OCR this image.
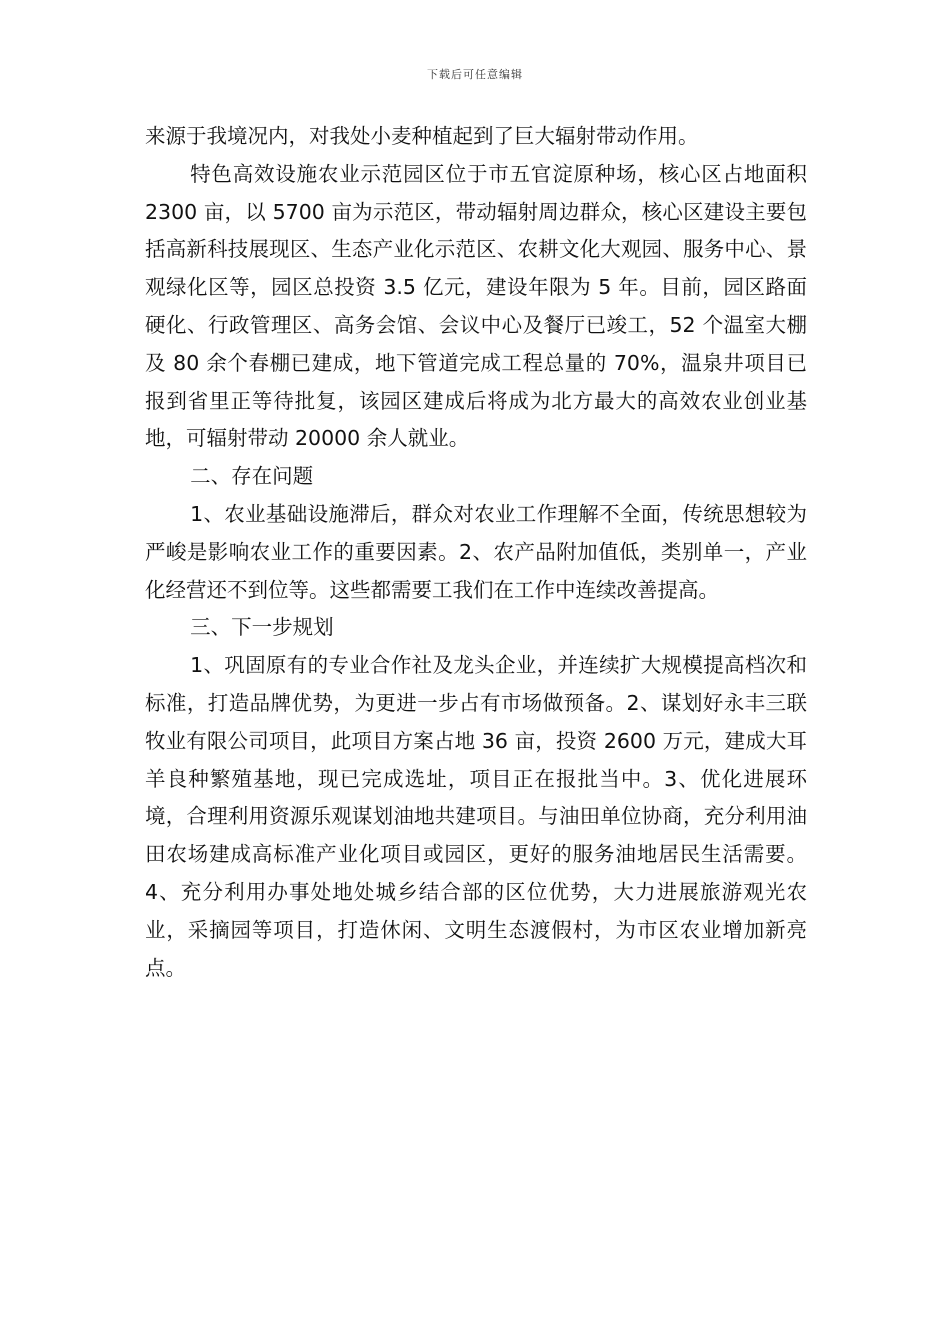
下载后可任意编辑

来源于我境况内，对我处小麦种植起到了巨大辐射带动作用。

特色高效设施农业示范园区位于市五官淀原种场，核心区占地面积 2300 亩，以 5700 亩为示范区，带动辐射周边群众，核心区建设主要包括高新科技展现区、生态产业化示范区、农耕文化大观园、服务中心、景观绿化区等，园区总投资 3.5 亿元，建设年限为 5 年。目前，园区路面硬化、行政管理区、高务会馆、会议中心及餐厅已竣工，52 个温室大棚及 80 余个春棚已建成，地下管道完成工程总量的 70%，温泉井项目已报到省里正等待批复，该园区建成后将成为北方最大的高效农业创业基地，可辐射带动 20000 余人就业。

二、存在问题

1、农业基础设施滞后，群众对农业工作理解不全面，传统思想较为严峻是影响农业工作的重要因素。2、农产品附加值低，类别单一，产业化经营还不到位等。这些都需要工我们在工作中连续改善提高。

三、下一步规划

1、巩固原有的专业合作社及龙头企业，并连续扩大规模提高档次和标准，打造品牌优势，为更进一步占有市场做预备。2、谋划好永丰三联牧业有限公司项目，此项目方案占地 36 亩，投资 2600 万元，建成大耳羊良种繁殖基地，现已完成选址，项目正在报批当中。3、优化进展环境，合理利用资源乐观谋划油地共建项目。与油田单位协商，充分利用油田农场建成高标准产业化项目或园区，更好的服务油地居民生活需要。4、充分利用办事处地处城乡结合部的区位优势，大力进展旅游观光农业，采摘园等项目，打造休闲、文明生态渡假村，为市区农业增加新亮点。
